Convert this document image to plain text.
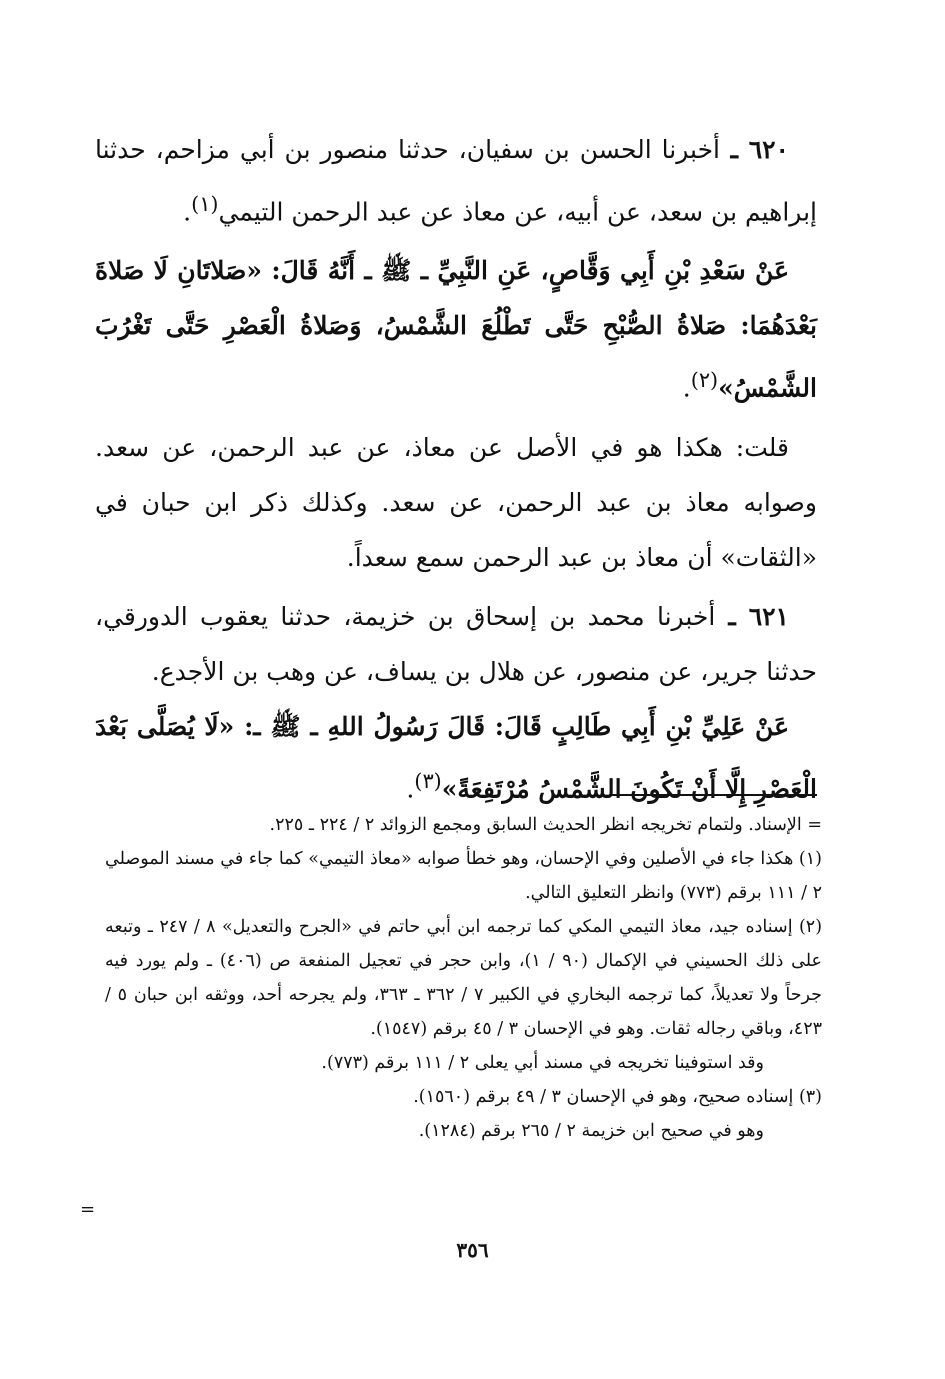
٦٢٠ ـ أخبرنا الحسن بن سفيان، حدثنا منصور بن أبي مزاحم، حدثنا إبراهيم بن سعد، عن أبيه، عن معاذ عن عبد الرحمن التيمي$^{(١)}$.

عَنْ سَعْدِ بْنِ أَبِي وَقَّاصٍ، عَنِ النَّبِيِّ ـ ﷺ ـ أَنَّهُ قَالَ: «صَلاتَانِ لَا صَلاةَ بَعْدَهُمَا: صَلاةُ الصُّبْحِ حَتَّى تَطْلُعَ الشَّمْسُ، وَصَلاةُ الْعَصْرِ حَتَّى تَغْرُبَ الشَّمْسُ»$^{(٢)}$.

قلت: هكذا هو في الأصل عن معاذ، عن عبد الرحمن، عن سعد. وصوابه معاذ بن عبد الرحمن، عن سعد. وكذلك ذكر ابن حبان في «الثقات» أن معاذ بن عبد الرحمن سمع سعداً.

٦٢١ ـ أخبرنا محمد بن إسحاق بن خزيمة، حدثنا يعقوب الدورقي، حدثنا جرير، عن منصور، عن هلال بن يساف، عن وهب بن الأجدع.

عَنْ عَلِيِّ بْنِ أَبِي طَالِبٍ قَالَ: قَالَ رَسُولُ اللهِ ـ ﷺ ـ: «لَا يُصَلَّى بَعْدَ الْعَصْرِ إِلَّا أَنْ تَكُونَ الشَّمْسُ مُرْتَفِعَةً»$^{(٣)}$.

= الإسناد. ولتمام تخريجه انظر الحديث السابق ومجمع الزوائد ٢ / ٢٢٤ ـ ٢٢٥.

(١) هكذا جاء في الأصلين وفي الإحسان، وهو خطأ صوابه «معاذ التيمي» كما جاء في مسند الموصلي ٢ / ١١١ برقم (٧٧٣) وانظر التعليق التالي.

(٢) إسناده جيد، معاذ التيمي المكي كما ترجمه ابن أبي حاتم في «الجرح والتعديل» ٨ / ٢٤٧ ـ وتبعه على ذلك الحسيني في الإكمال (٩٠ / ١)، وابن حجر في تعجيل المنفعة ص (٤٠٦) ـ ولم يورد فيه جرحاً ولا تعديلاً، كما ترجمه البخاري في الكبير ٧ / ٣٦٢ ـ ٣٦٣، ولم يجرحه أحد، ووثقه ابن حبان ٥ / ٤٢٣، وباقي رجاله ثقات. وهو في الإحسان ٣ / ٤٥ برقم (١٥٤٧).

وقد استوفينا تخريجه في مسند أبي يعلى ٢ / ١١١ برقم (٧٧٣).

(٣) إسناده صحيح، وهو في الإحسان ٣ / ٤٩ برقم (١٥٦٠).

وهو في صحيح ابن خزيمة ٢ / ٢٦٥ برقم (١٢٨٤).

=
٣٥٦
